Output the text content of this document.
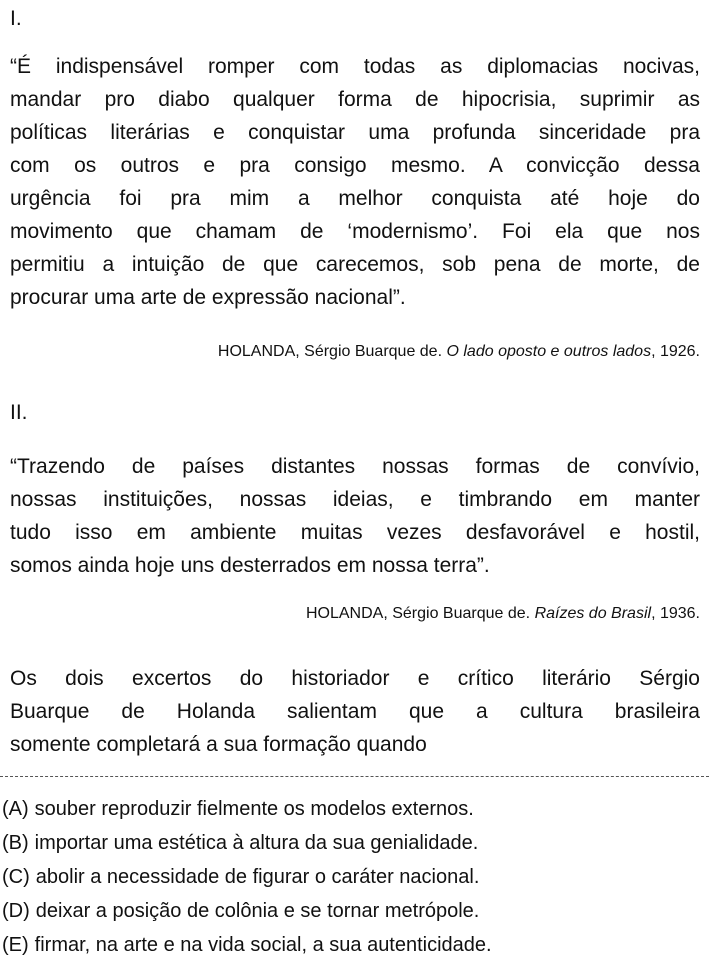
I.
“É indispensável romper com todas as diplomacias nocivas,
mandar pro diabo qualquer forma de hipocrisia, suprimir as
políticas literárias e conquistar uma profunda sinceridade pra
com os outros e pra consigo mesmo. A convicção dessa
urgência foi pra mim a melhor conquista até hoje do
movimento que chamam de ‘modernismo’. Foi ela que nos
permitiu a intuição de que carecemos, sob pena de morte, de
procurar uma arte de expressão nacional”.
HOLANDA, Sérgio Buarque de. O lado oposto e outros lados, 1926.
II.
“Trazendo de países distantes nossas formas de convívio,
nossas instituições, nossas ideias, e timbrando em manter
tudo isso em ambiente muitas vezes desfavorável e hostil,
somos ainda hoje uns desterrados em nossa terra”.
HOLANDA, Sérgio Buarque de. Raízes do Brasil, 1936.
Os dois excertos do historiador e crítico literário Sérgio
Buarque de Holanda salientam que a cultura brasileira
somente completará a sua formação quando
(A) souber reproduzir fielmente os modelos externos.
(B) importar uma estética à altura da sua genialidade.
(C) abolir a necessidade de figurar o caráter nacional.
(D) deixar a posição de colônia e se tornar metrópole.
(E) firmar, na arte e na vida social, a sua autenticidade.
